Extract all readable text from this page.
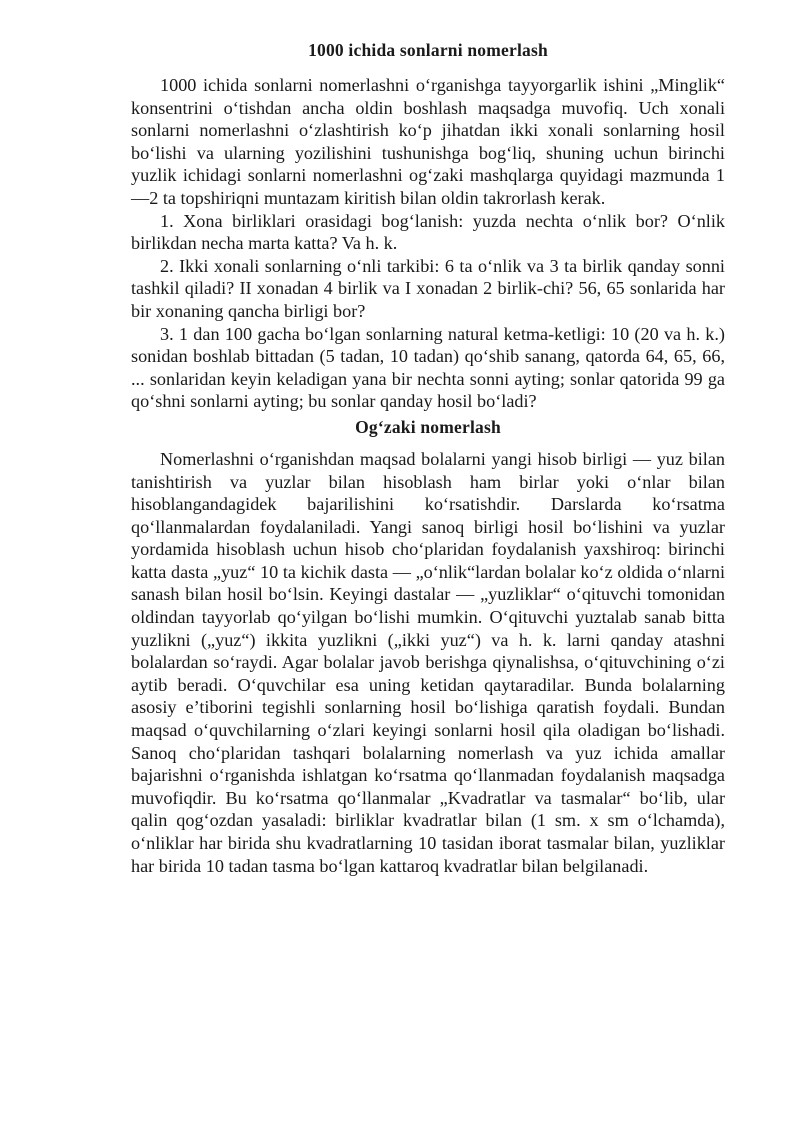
1000 ichida sonlarni nomerlash

1000 ichida sonlarni nomerlashni o‘rganishga tayyorgarlik ishini „Minglik“ konsentrini o‘tishdan ancha oldin boshlash maqsadga muvofiq. Uch xonali sonlarni nomerlashni o‘zlashtirish ko‘p jihatdan ikki xonali sonlarning hosil bo‘lishi va ularning yozilishini tushunishga bog‘liq, shuning uchun birinchi yuzlik ichidagi sonlarni nomerlashni og‘zaki mashqlarga quyidagi mazmunda 1—2 ta topshiriqni muntazam kiritish bilan oldin takrorlash kerak.

1. Xona birliklari orasidagi bog‘lanish: yuzda nechta o‘nlik bor? O‘nlik birlikdan necha marta katta? Va h. k.

2. Ikki xonali sonlarning o‘nli tarkibi: 6 ta o‘nlik va 3 ta birlik qanday sonni tashkil qiladi? II xonadan 4 birlik va I xonadan 2 birlik-chi? 56, 65 sonlarida har bir xonaning qancha birligi bor?

3. 1 dan 100 gacha bo‘lgan sonlarning natural ketma-ketligi: 10 (20 va h. k.) sonidan boshlab bittadan (5 tadan, 10 tadan) qo‘shib sanang, qatorda 64, 65, 66, ... sonlaridan keyin keladigan yana bir nechta sonni ayting; sonlar qatorida 99 ga qo‘shni sonlarni ayting; bu sonlar qanday hosil bo‘ladi?

Og‘zaki nomerlash

Nomerlashni o‘rganishdan maqsad bolalarni yangi hisob birligi — yuz bilan tanishtirish va yuzlar bilan hisoblash ham birlar yoki o‘nlar bilan hisoblangandagidek bajarilishini ko‘rsatishdir. Darslarda ko‘rsatma qo‘llanmalardan foydalaniladi. Yangi sanoq birligi hosil bo‘lishini va yuzlar yordamida hisoblash uchun hisob cho‘plaridan foydalanish yaxshiroq: birinchi katta dasta „yuz“ 10 ta kichik dasta — „o‘nlik“lardan bolalar ko‘z oldida o‘nlarni sanash bilan hosil bo‘lsin. Keyingi dastalar — „yuzliklar“ o‘qituvchi tomonidan oldindan tayyorlab qo‘yilgan bo‘lishi mumkin. O‘qituvchi yuztalab sanab bitta yuzlikni („yuz“) ikkita yuzlikni („ikki yuz“) va h. k. larni qanday atashni bolalardan so‘raydi. Agar bolalar javob berishga qiynalishsa, o‘qituvchining o‘zi aytib beradi. O‘quvchilar esa uning ketidan qaytaradilar. Bunda bolalarning asosiy e’tiborini tegishli sonlarning hosil bo‘lishiga qaratish foydali. Bundan maqsad o‘quvchilarning o‘zlari keyingi sonlarni hosil qila oladigan bo‘lishadi. Sanoq cho‘plaridan tashqari bolalarning nomerlash va yuz ichida amallar bajarishni o‘rganishda ishlatgan ko‘rsatma qo‘llanmadan foydalanish maqsadga muvofiqdir. Bu ko‘rsatma qo‘llanmalar „Kvadratlar va tasmalar“ bo‘lib, ular qalin qog‘ozdan yasaladi: birliklar kvadratlar bilan (1 sm. x sm o‘lchamda), o‘nliklar har birida shu kvadratlarning 10 tasidan iborat tasmalar bilan, yuzliklar har birida 10 tadan tasma bo‘lgan kattaroq kvadratlar bilan belgilanadi.
